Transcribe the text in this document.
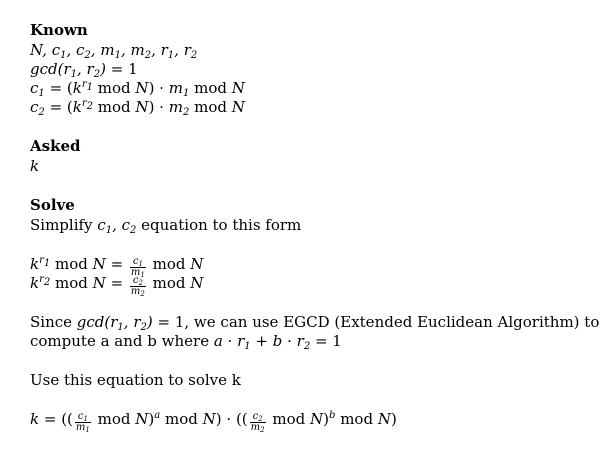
Known
N, $c_1$, $c_2$, $m_1$, $m_2$, $r_1$, $r_2$
$\gcd(r_1$, $r_2) = 1$
$c_1 = (k^{r_1}$ mod $N) \cdot m_1$ mod N
$c_2 = (k^{r_2}$ mod $N) \cdot m_2$ mod N
Asked
k
Solve
Simplify $c_1$, $c_2$ equation to this form
$k^{r_1}$ mod $N = \frac{c_1}{m_1}$ mod N
$k^{r_2}$ mod $N = \frac{c_2}{m_2}$ mod N
Since $\gcd(r_1$, $r_2) = 1$, we can use EGCD (Extended Euclidean Algorithm) to compute a and b where $a \cdot r_1 + b \cdot r_2 = 1$
Use this equation to solve k
k = (( $\frac{c_1}{m_1}$ mod N)$^a$ mod N) · (( $\frac{c_2}{m_2}$ mod N)$^b$ mod N)
